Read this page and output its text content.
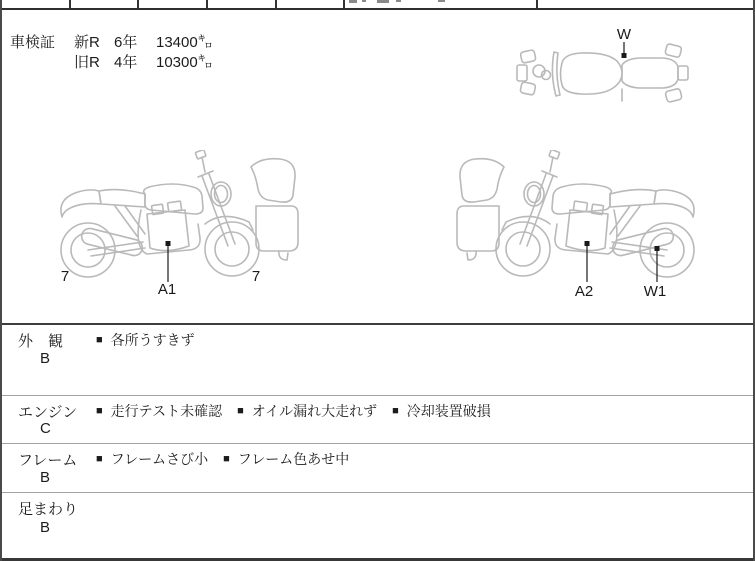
車検証 新R 6年	13400㌔
旧R 4年	10300㌔
W
7
A1
7
A2	W1
外　観
B
■ 各所うすきず
エンジン
C
■ 走行テスト未確認 ■ オイル漏れ大走れず ■ 冷却装置破損
フレーム
B
■ フレームさび小 ■ フレーム色あせ中
足まわり
B
